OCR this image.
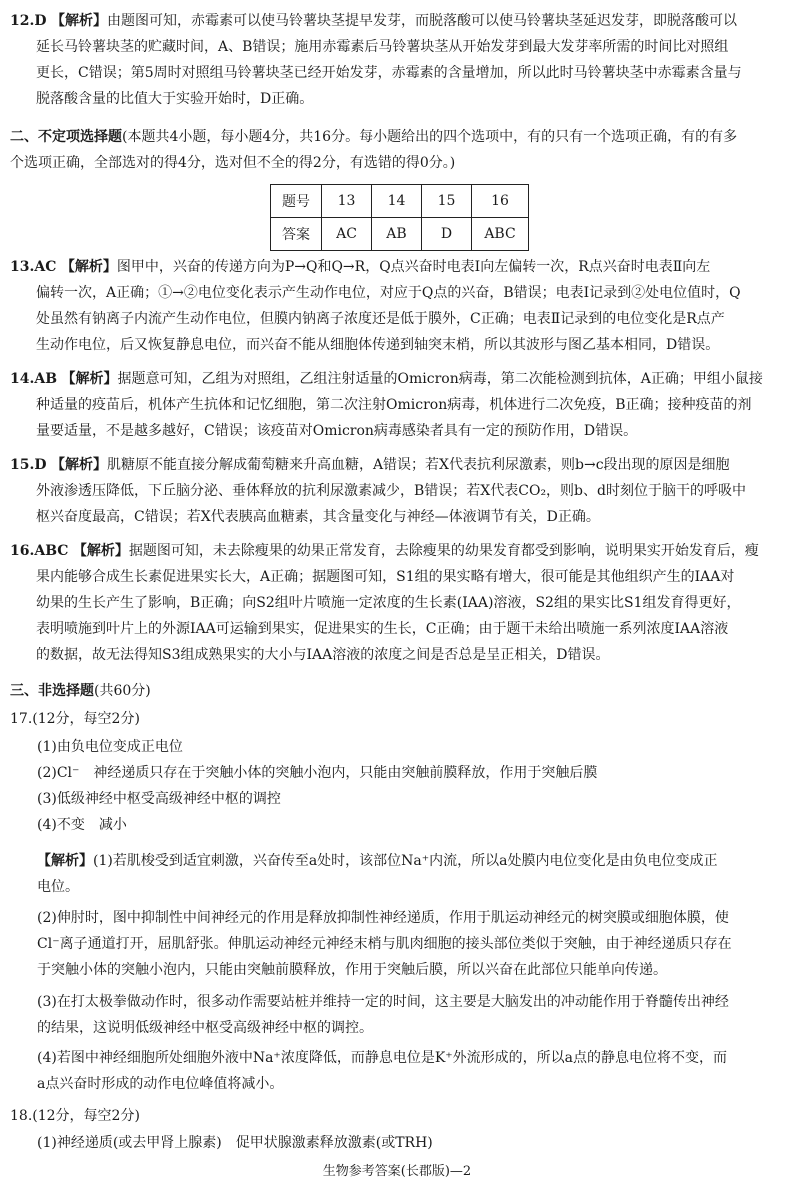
12.D 【解析】由题图可知，赤霉素可以使马铃薯块茎提早发芽，而脱落酸可以使马铃薯块茎延迟发芽，即脱落酸可以
延长马铃薯块茎的贮藏时间，A、B错误；施用赤霉素后马铃薯块茎从开始发芽到最大发芽率所需的时间比对照组
更长，C错误；第5周时对照组马铃薯块茎已经开始发芽，赤霉素的含量增加，所以此时马铃薯块茎中赤霉素含量与
脱落酸含量的比值大于实验开始时，D正确。
二、不定项选择题(本题共4小题，每小题4分，共16分。每小题给出的四个选项中，有的只有一个选项正确，有的有多
个选项正确，全部选对的得4分，选对但不全的得2分，有选错的得0分。)
题号	13	14	15	16
答案	AC	AB	D	ABC
13.AC 【解析】图甲中，兴奋的传递方向为P→Q和Q→R，Q点兴奋时电表Ⅰ向左偏转一次，R点兴奋时电表Ⅱ向左
偏转一次，A正确；①→②电位变化表示产生动作电位，对应于Q点的兴奋，B错误；电表Ⅰ记录到②处电位值时，Q
处虽然有钠离子内流产生动作电位，但膜内钠离子浓度还是低于膜外，C正确；电表Ⅱ记录到的电位变化是R点产
生动作电位，后又恢复静息电位，而兴奋不能从细胞体传递到轴突末梢，所以其波形与图乙基本相同，D错误。
14.AB 【解析】据题意可知，乙组为对照组，乙组注射适量的Omicron病毒，第二次能检测到抗体，A正确；甲组小鼠接
种适量的疫苗后，机体产生抗体和记忆细胞，第二次注射Omicron病毒，机体进行二次免疫，B正确；接种疫苗的剂
量要适量，不是越多越好，C错误；该疫苗对Omicron病毒感染者具有一定的预防作用，D错误。
15.D 【解析】肌糖原不能直接分解成葡萄糖来升高血糖，A错误；若X代表抗利尿激素，则b→c段出现的原因是细胞
外液渗透压降低，下丘脑分泌、垂体释放的抗利尿激素减少，B错误；若X代表CO₂，则b、d时刻位于脑干的呼吸中
枢兴奋度最高，C错误；若X代表胰高血糖素，其含量变化与神经—体液调节有关，D正确。
16.ABC 【解析】据题图可知，未去除瘦果的幼果正常发育，去除瘦果的幼果发育都受到影响，说明果实开始发育后，瘦
果内能够合成生长素促进果实长大，A正确；据题图可知，S1组的果实略有增大，很可能是其他组织产生的IAA对
幼果的生长产生了影响，B正确；向S2组叶片喷施一定浓度的生长素(IAA)溶液，S2组的果实比S1组发育得更好，
表明喷施到叶片上的外源IAA可运输到果实，促进果实的生长，C正确；由于题干未给出喷施一系列浓度IAA溶液
的数据，故无法得知S3组成熟果实的大小与IAA溶液的浓度之间是否总是呈正相关，D错误。
三、非选择题(共60分)
17.(12分，每空2分)
(1)由负电位变成正电位
(2)Cl⁻　神经递质只存在于突触小体的突触小泡内，只能由突触前膜释放，作用于突触后膜
(3)低级神经中枢受高级神经中枢的调控
(4)不变　减小
【解析】(1)若肌梭受到适宜刺激，兴奋传至a处时，该部位Na⁺内流，所以a处膜内电位变化是由负电位变成正
电位。
(2)伸肘时，图中抑制性中间神经元的作用是释放抑制性神经递质，作用于肌运动神经元的树突膜或细胞体膜，使
Cl⁻离子通道打开，屈肌舒张。伸肌运动神经元神经末梢与肌肉细胞的接头部位类似于突触，由于神经递质只存在
于突触小体的突触小泡内，只能由突触前膜释放，作用于突触后膜，所以兴奋在此部位只能单向传递。
(3)在打太极拳做动作时，很多动作需要站桩并维持一定的时间，这主要是大脑发出的冲动能作用于脊髓传出神经
的结果，这说明低级神经中枢受高级神经中枢的调控。
(4)若图中神经细胞所处细胞外液中Na⁺浓度降低，而静息电位是K⁺外流形成的，所以a点的静息电位将不变，而
a点兴奋时形成的动作电位峰值将减小。
18.(12分，每空2分)
(1)神经递质(或去甲肾上腺素)　促甲状腺激素释放激素(或TRH)
生物参考答案(长郡版)—2
